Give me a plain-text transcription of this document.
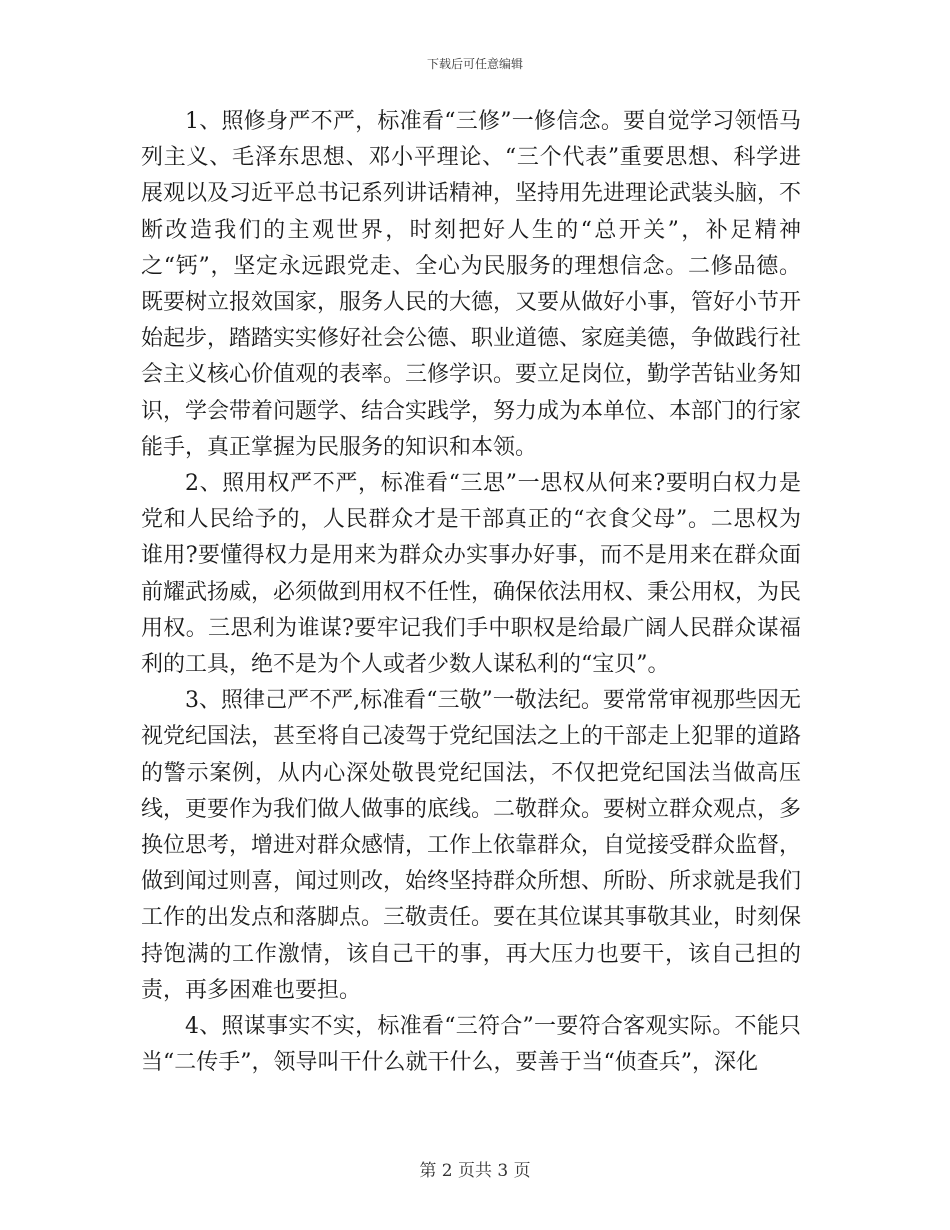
下载后可任意编辑

1、照修身严不严，标准看“三修”一修信念。要自觉学习领悟马列主义、毛泽东思想、邓小平理论、“三个代表”重要思想、科学进展观以及习近平总书记系列讲话精神，坚持用先进理论武装头脑，不断改造我们的主观世界，时刻把好人生的“总开关”，补足精神之“钙”，坚定永远跟党走、全心为民服务的理想信念。二修品德。既要树立报效国家，服务人民的大德，又要从做好小事，管好小节开始起步，踏踏实实修好社会公德、职业道德、家庭美德，争做践行社会主义核心价值观的表率。三修学识。要立足岗位，勤学苦钻业务知识，学会带着问题学、结合实践学，努力成为本单位、本部门的行家能手，真正掌握为民服务的知识和本领。

2、照用权严不严，标准看“三思”一思权从何来?要明白权力是党和人民给予的，人民群众才是干部真正的“衣食父母”。二思权为谁用?要懂得权力是用来为群众办实事办好事，而不是用来在群众面前耀武扬威，必须做到用权不任性，确保依法用权、秉公用权，为民用权。三思利为谁谋?要牢记我们手中职权是给最广阔人民群众谋福利的工具，绝不是为个人或者少数人谋私利的“宝贝”。

3、照律己严不严,标准看“三敬”一敬法纪。要常常审视那些因无视党纪国法，甚至将自己凌驾于党纪国法之上的干部走上犯罪的道路的警示案例，从内心深处敬畏党纪国法，不仅把党纪国法当做高压线，更要作为我们做人做事的底线。二敬群众。要树立群众观点，多换位思考，增进对群众感情，工作上依靠群众，自觉接受群众监督，做到闻过则喜，闻过则改，始终坚持群众所想、所盼、所求就是我们工作的出发点和落脚点。三敬责任。要在其位谋其事敬其业，时刻保持饱满的工作激情，该自己干的事，再大压力也要干，该自己担的责，再多困难也要担。

4、照谋事实不实，标准看“三符合”一要符合客观实际。不能只当“二传手”，领导叫干什么就干什么，要善于当“侦查兵”，深化

第 2 页共 3 页
